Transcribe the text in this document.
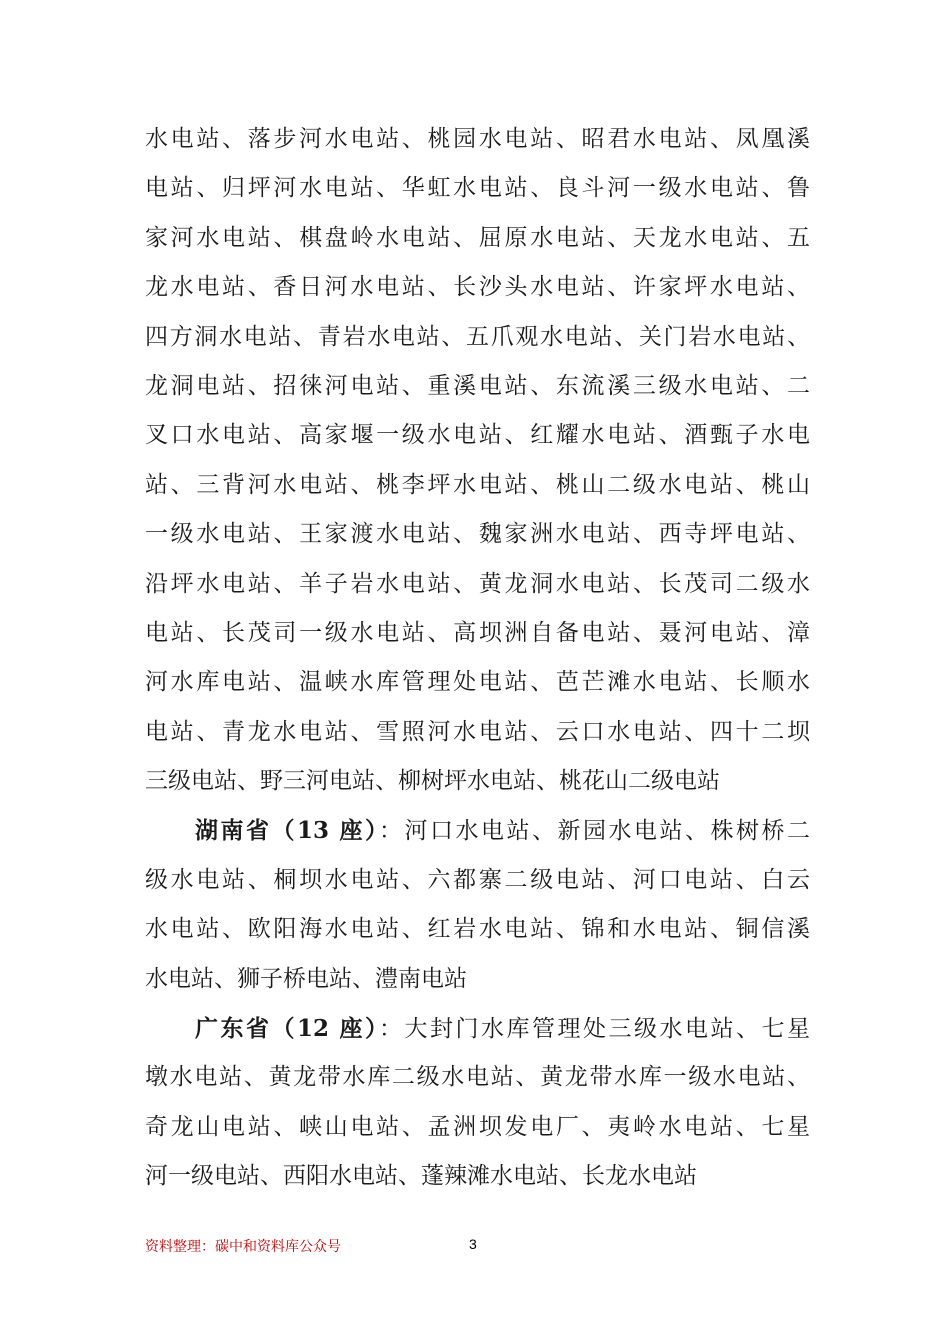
水电站、落步河水电站、桃园水电站、昭君水电站、凤凰溪
电站、归坪河水电站、华虹水电站、良斗河一级水电站、鲁
家河水电站、棋盘岭水电站、屈原水电站、天龙水电站、五
龙水电站、香日河水电站、长沙头水电站、许家坪水电站、
四方洞水电站、青岩水电站、五爪观水电站、关门岩水电站、
龙洞电站、招徕河电站、重溪电站、东流溪三级水电站、二
叉口水电站、高家堰一级水电站、红耀水电站、酒甄子水电
站、三背河水电站、桃李坪水电站、桃山二级水电站、桃山
一级水电站、王家渡水电站、魏家洲水电站、西寺坪电站、
沿坪水电站、羊子岩水电站、黄龙洞水电站、长茂司二级水
电站、长茂司一级水电站、高坝洲自备电站、聂河电站、漳
河水库电站、温峡水库管理处电站、芭芒滩水电站、长顺水
电站、青龙水电站、雪照河水电站、云口水电站、四十二坝
三级电站、野三河电站、柳树坪水电站、桃花山二级电站
湖南省（13 座）：河口水电站、新园水电站、株树桥二
级水电站、桐坝水电站、六都寨二级电站、河口电站、白云
水电站、欧阳海水电站、红岩水电站、锦和水电站、铜信溪
水电站、狮子桥电站、澧南电站
广东省（12 座）：大封门水库管理处三级水电站、七星
墩水电站、黄龙带水库二级水电站、黄龙带水库一级水电站、
奇龙山电站、峡山电站、孟洲坝发电厂、夷岭水电站、七星
河一级电站、西阳水电站、蓬辣滩水电站、长龙水电站
资料整理：碳中和资料库公众号	3
